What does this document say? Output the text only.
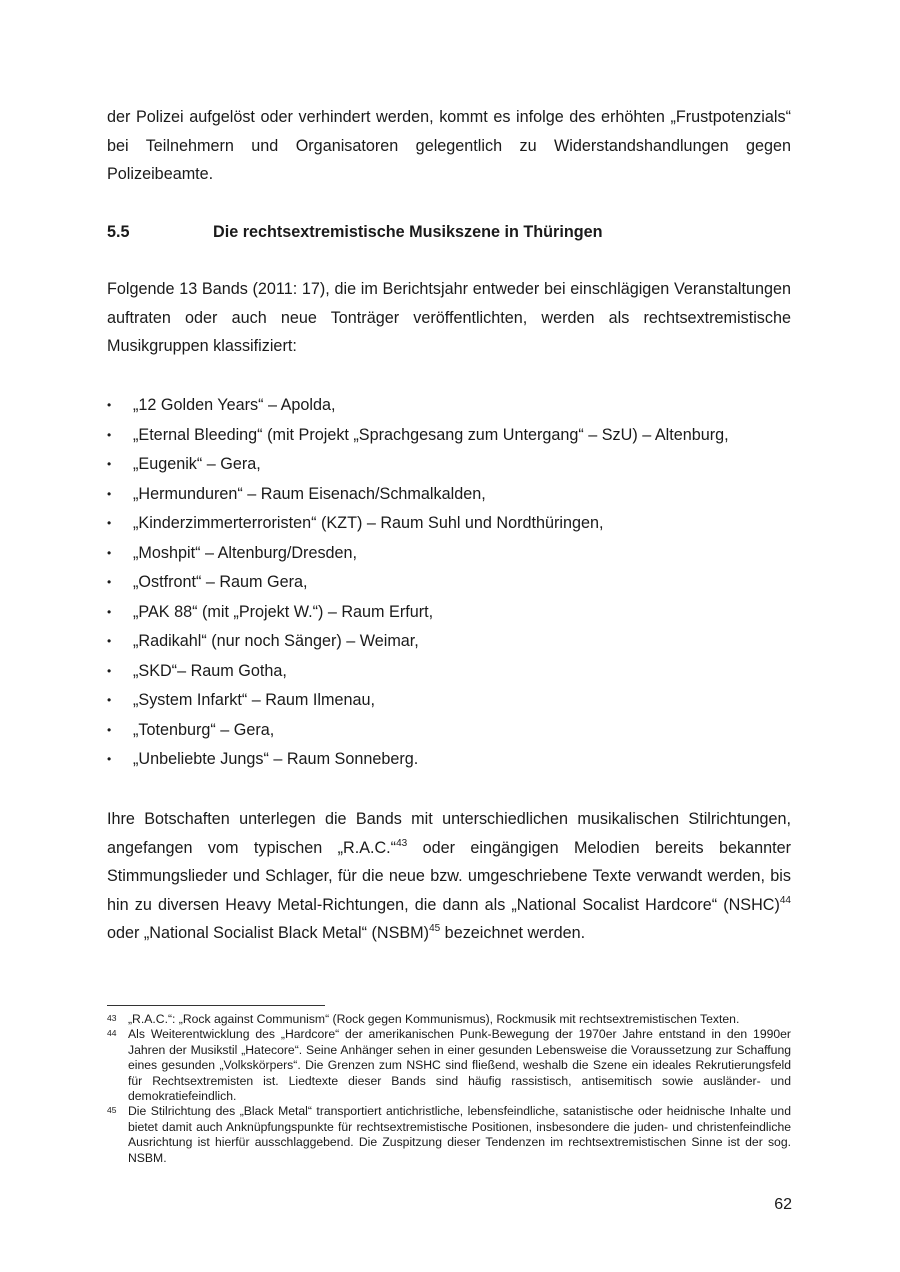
der Polizei aufgelöst oder verhindert werden, kommt es infolge des erhöhten „Frustpotenzials“ bei Teilnehmern und Organisatoren gelegentlich zu Widerstandshandlungen gegen Polizeibeamte.

5.5	Die rechtsextremistische Musikszene in Thüringen

Folgende 13 Bands (2011: 17), die im Berichtsjahr entweder bei einschlägigen Veranstaltungen auftraten oder auch neue Tonträger veröffentlichten, werden als rechtsextremistische Musikgruppen klassifiziert:

• „12 Golden Years“ – Apolda,
• „Eternal Bleeding“ (mit Projekt „Sprachgesang zum Untergang“ – SzU) – Altenburg,
• „Eugenik“ – Gera,
• „Hermunduren“ – Raum Eisenach/Schmalkalden,
• „Kinderzimmerterroristen“ (KZT) – Raum Suhl und Nordthüringen,
• „Moshpit“ – Altenburg/Dresden,
• „Ostfront“ – Raum Gera,
• „PAK 88“ (mit „Projekt W.“) – Raum Erfurt,
• „Radikahl“ (nur noch Sänger) – Weimar,
• „SKD“– Raum Gotha,
• „System Infarkt“ – Raum Ilmenau,
• „Totenburg“ – Gera,
• „Unbeliebte Jungs“ – Raum Sonneberg.

Ihre Botschaften unterlegen die Bands mit unterschiedlichen musikalischen Stilrichtungen, angefangen vom typischen „R.A.C.“$^{43}$ oder eingängigen Melodien bereits bekannter Stimmungslieder und Schlager, für die neue bzw. umgeschriebene Texte verwandt werden, bis hin zu diversen Heavy Metal-Richtungen, die dann als „National Socalist Hardcore“ (NSHC)$^{44}$ oder „National Socialist Black Metal“ (NSBM)$^{45}$ bezeichnet werden.

43 „R.A.C.“: „Rock against Communism“ (Rock gegen Kommunismus), Rockmusik mit rechtsextremistischen Texten.
44 Als Weiterentwicklung des „Hardcore“ der amerikanischen Punk-Bewegung der 1970er Jahre entstand in den 1990er Jahren der Musikstil „Hatecore“. Seine Anhänger sehen in einer gesunden Lebensweise die Voraussetzung zur Schaffung eines gesunden „Volkskörpers“. Die Grenzen zum NSHC sind fließend, weshalb die Szene ein ideales Rekrutierungsfeld für Rechtsextremisten ist. Liedtexte dieser Bands sind häufig rassistisch, antisemitisch sowie ausländer- und demokratiefeindlich.
45 Die Stilrichtung des „Black Metal“ transportiert antichristliche, lebensfeindliche, satanistische oder heidnische Inhalte und bietet damit auch Anknüpfungspunkte für rechtsextremistische Positionen, insbesondere die juden- und christenfeindliche Ausrichtung ist hierfür ausschlaggebend. Die Zuspitzung dieser Tendenzen im rechtsextremistischen Sinne ist der sog. NSBM.
62
